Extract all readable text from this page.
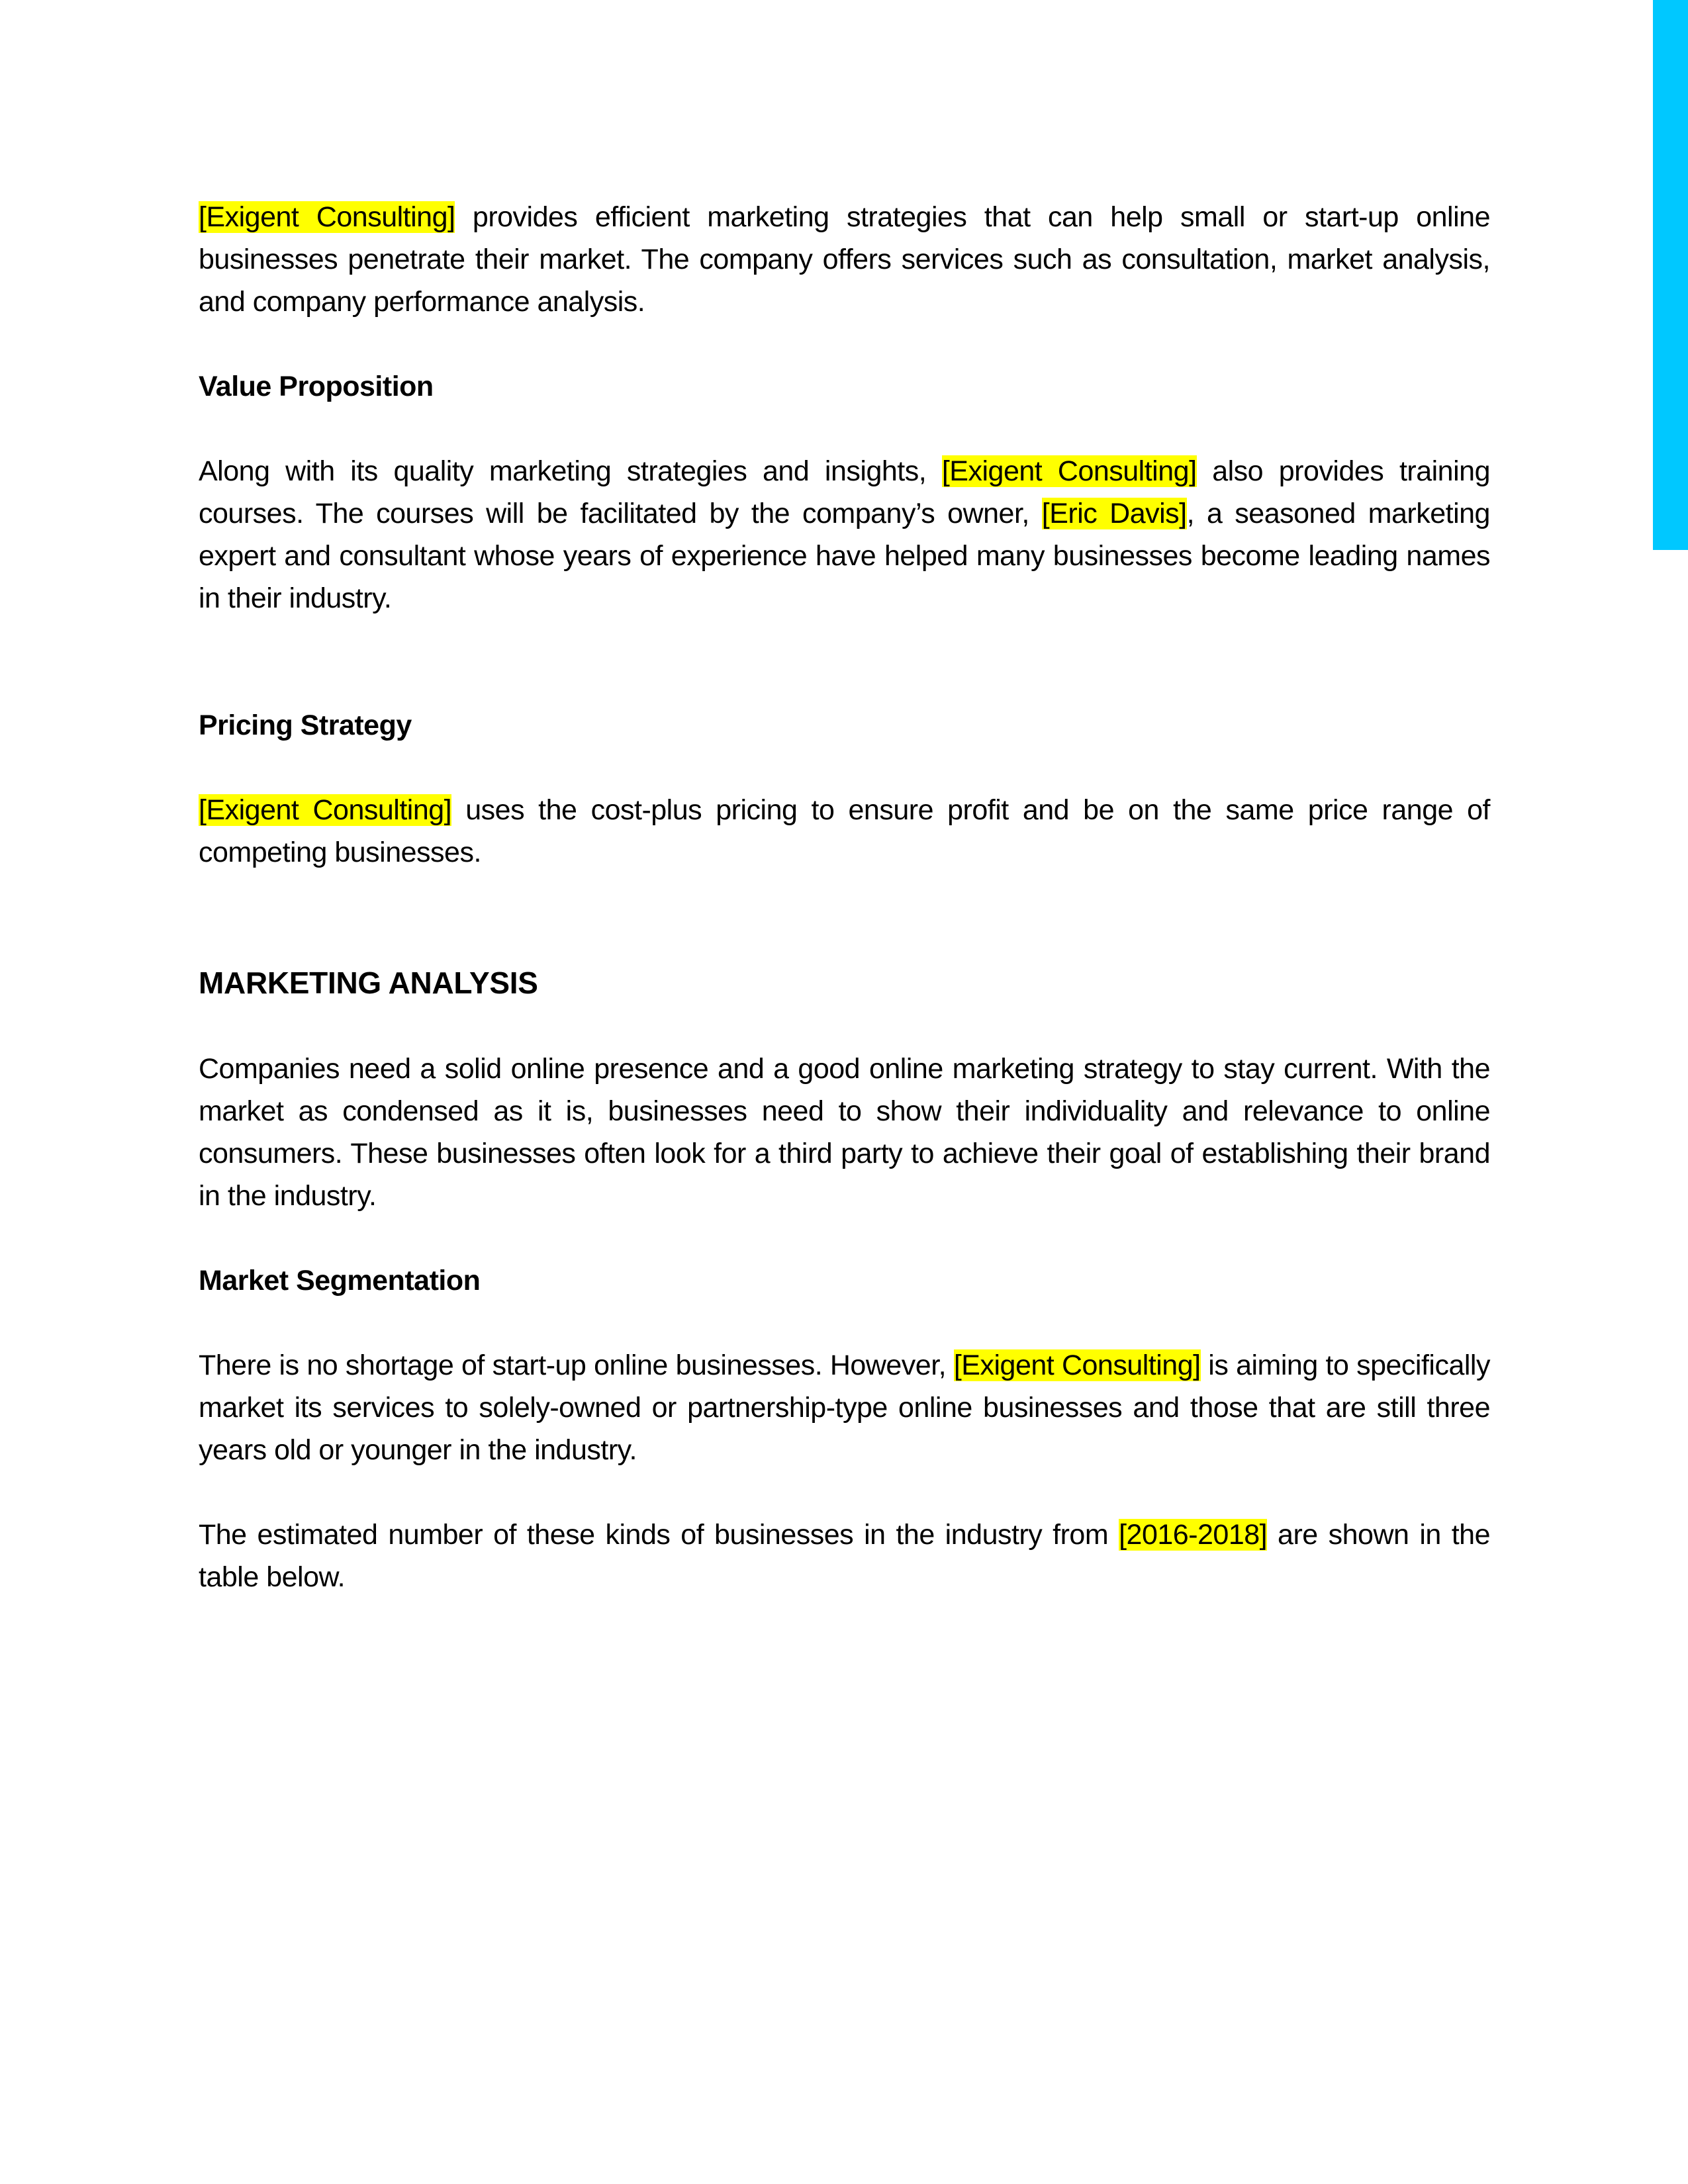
[Exigent Consulting] provides efficient marketing strategies that can help small or start-up online businesses penetrate their market. The company offers services such as consultation, market analysis, and company performance analysis.

Value Proposition

Along with its quality marketing strategies and insights, [Exigent Consulting] also provides training courses. The courses will be facilitated by the company’s owner, [Eric Davis], a seasoned marketing expert and consultant whose years of experience have helped many businesses become leading names in their industry.

Pricing Strategy

[Exigent Consulting] uses the cost-plus pricing to ensure profit and be on the same price range of competing businesses.

MARKETING ANALYSIS

Companies need a solid online presence and a good online marketing strategy to stay current. With the market as condensed as it is, businesses need to show their individuality and relevance to online consumers. These businesses often look for a third party to achieve their goal of establishing their brand in the industry.

Market Segmentation

There is no shortage of start-up online businesses. However, [Exigent Consulting] is aiming to specifically market its services to solely-owned or partnership-type online businesses and those that are still three years old or younger in the industry.

The estimated number of these kinds of businesses in the industry from [2016-2018] are shown in the table below.
